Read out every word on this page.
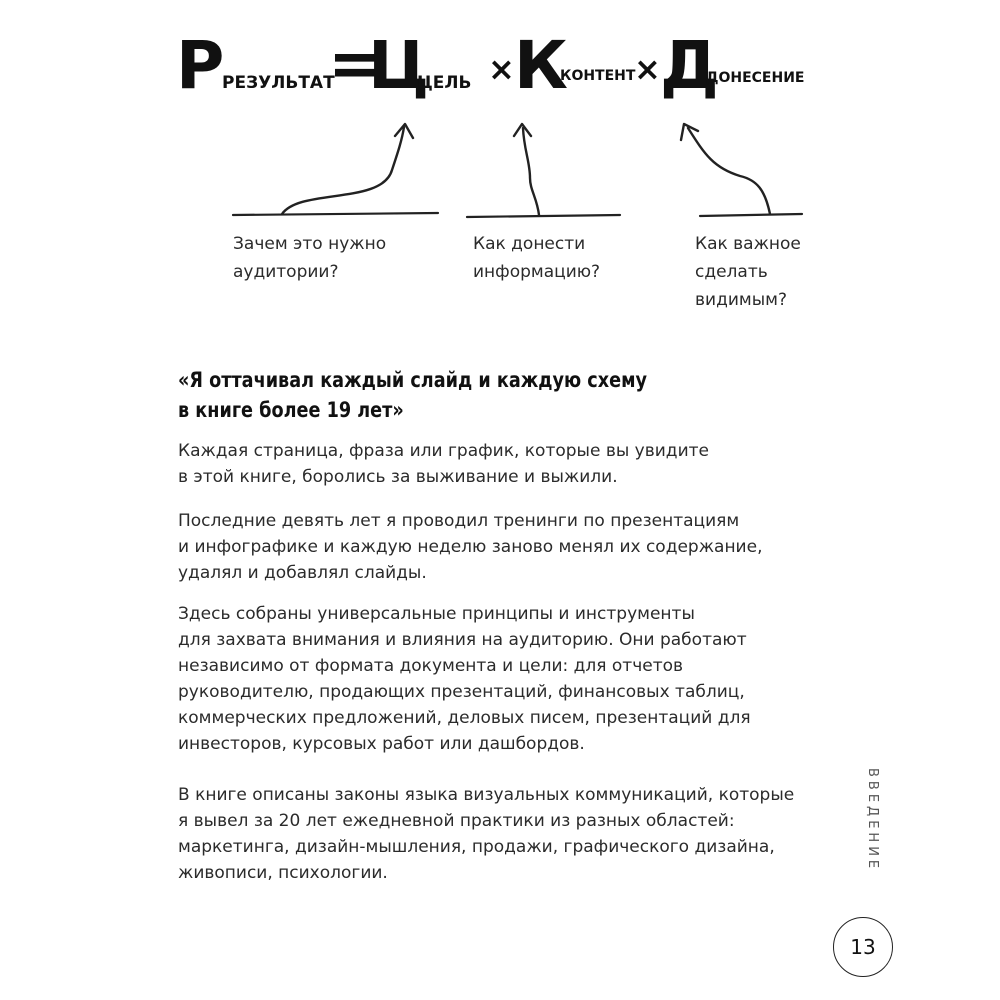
Р
РЕЗУЛЬТАТ
=
Ц
ЦЕЛЬ × К
КОНТЕНТ
× Д
ДОНЕСЕНИЕ
Зачем это нужно
аудитории?
Как донести
информацию?
Как важное
сделать
видимым?
«Я оттачивал каждый слайд и каждую схему
в книге более 19 лет»
Каждая страница, фраза или график, которые вы увидите
в этой книге, боролись за выживание и выжили.
Последние девять лет я проводил тренинги по презентациям
и инфографике и каждую неделю заново менял их содержание,
удалял и добавлял слайды.
Здесь собраны универсальные принципы и инструменты
для захвата внимания и влияния на аудиторию. Они работают
независимо от формата документа и цели: для отчетов
руководителю, продающих презентаций, финансовых таблиц,
коммерческих предложений, деловых писем, презентаций для
инвесторов, курсовых работ или дашбордов.
В книге описаны законы языка визуальных коммуникаций, которые
я вывел за 20 лет ежедневной практики из разных областей:
маркетинга, дизайн-мышления, продажи, графического дизайна,
живописи, психологии.
ВВЕДЕНИЕ
13
